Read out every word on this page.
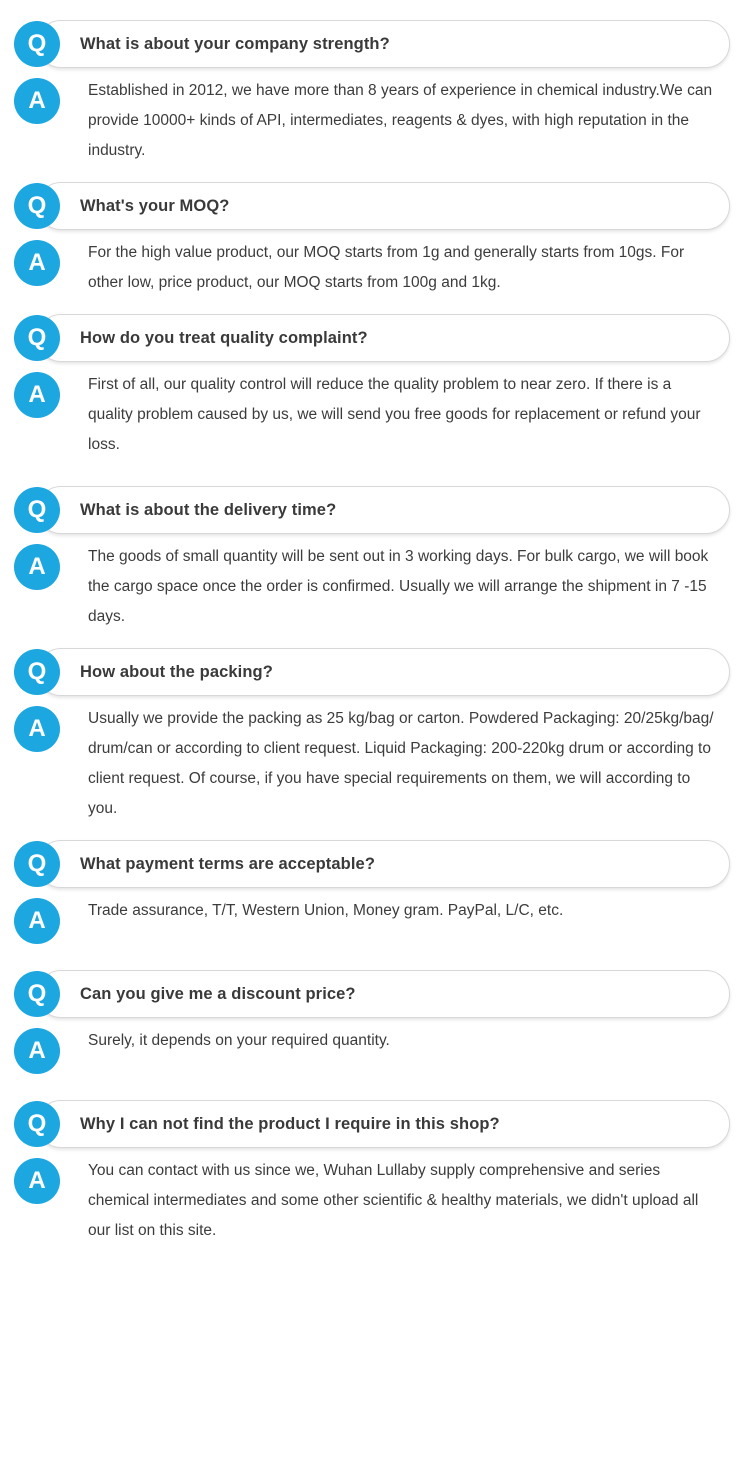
Q	What is about your company strength?
A	Established in 2012, we have more than 8 years of experience in chemical industry.We can provide 10000+ kinds of API, intermediates, reagents & dyes, with high reputation in the industry.
Q	What's your MOQ?
A	For the high value product, our MOQ starts from 1g and generally starts from 10gs. For other low, price product, our MOQ starts from 100g and 1kg.
Q	How do you treat quality complaint?
A	First of all, our quality control will reduce the quality problem to near zero. If there is a quality problem caused by us, we will send you free goods for replacement or refund your loss.
Q	What is about the delivery time?
A	The goods of small quantity will be sent out in 3 working days. For bulk cargo, we will book the cargo space once the order is confirmed. Usually we will arrange the shipment in 7 -15 days.
Q	How about the packing?
A	Usually we provide the packing as 25 kg/bag or carton. Powdered Packaging: 20/25kg/bag/ drum/can or according to client request. Liquid Packaging: 200-220kg drum or according to client request. Of course, if you have special requirements on them, we will according to you.
Q	What payment terms are acceptable?
A	Trade assurance, T/T, Western Union, Money gram. PayPal, L/C, etc.
Q	Can you give me a discount price?
A	Surely, it depends on your required quantity.
Q	Why I can not find the product I require in this shop?
A	You can contact with us since we, Wuhan Lullaby supply comprehensive and series chemical intermediates and some other scientific & healthy materials, we didn't upload all our list on this site.
